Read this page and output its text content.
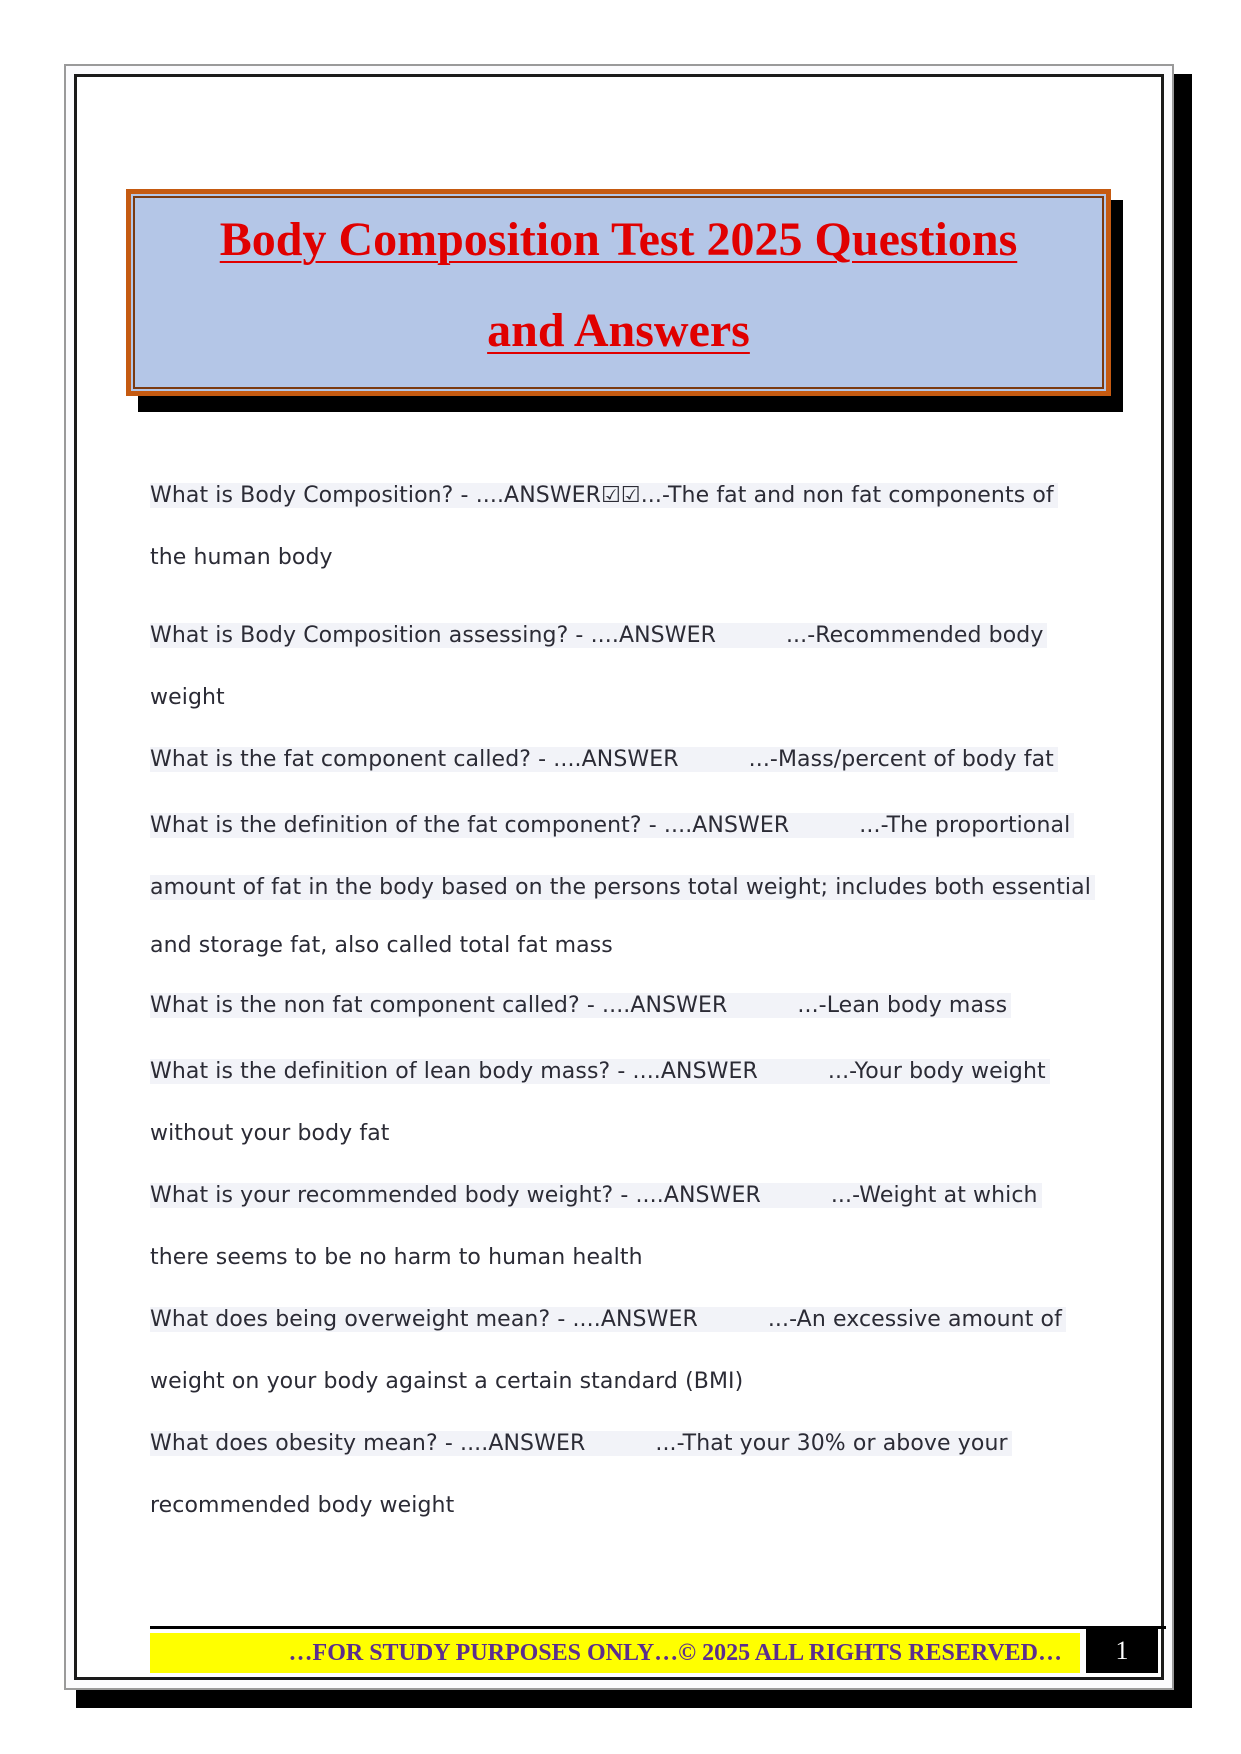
Body Composition Test 2025 Questions
and Answers
What is Body Composition? - ....ANSWER☑☑...-The fat and non fat components of
the human body
What is Body Composition assessing? - ....ANSWER	...-Recommended body
weight
What is the fat component called? - ....ANSWER	...-Mass/percent of body fat
What is the definition of the fat component? - ....ANSWER	...-The proportional
amount of fat in the body based on the persons total weight; includes both essential
and storage fat, also called total fat mass
What is the non fat component called? - ....ANSWER	...-Lean body mass
What is the definition of lean body mass? - ....ANSWER	...-Your body weight
without your body fat
What is your recommended body weight? - ....ANSWER	...-Weight at which
there seems to be no harm to human health
What does being overweight mean? - ....ANSWER	...-An excessive amount of
weight on your body against a certain standard (BMI)
What does obesity mean? - ....ANSWER	...-That your 30% or above your
recommended body weight
…FOR STUDY PURPOSES ONLY…© 2025 ALL RIGHTS RESERVED…	1
